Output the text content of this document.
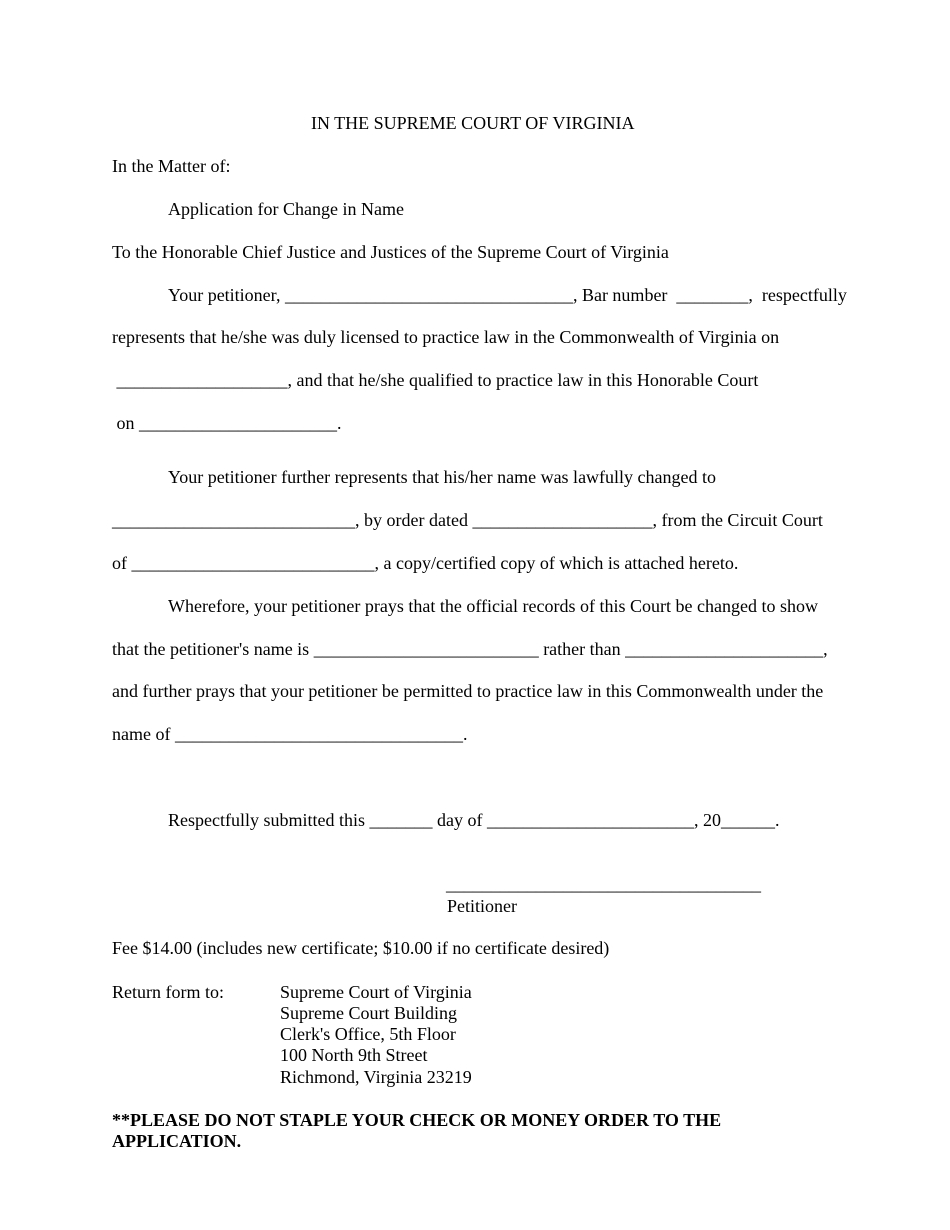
IN THE SUPREME COURT OF VIRGINIA
In the Matter of:
Application for Change in Name
To the Honorable Chief Justice and Justices of the Supreme Court of Virginia
Your petitioner, ________________________________, Bar number  ________,  respectfully
represents that he/she was duly licensed to practice law in the Commonwealth of Virginia on
___________________, and that he/she qualified to practice law in this Honorable Court
on ______________________.
Your petitioner further represents that his/her name was lawfully changed to
___________________________, by order dated ____________________, from the Circuit Court
of ___________________________, a copy/certified copy of which is attached hereto.
Wherefore, your petitioner prays that the official records of this Court be changed to show
that the petitioner's name is _________________________ rather than ______________________,
and further prays that your petitioner be permitted to practice law in this Commonwealth under the
name of ________________________________.
Respectfully submitted this _______ day of _______________________, 20______.
___________________________________
Petitioner
Fee $14.00 (includes new certificate; $10.00 if no certificate desired)
Return form to:	Supreme Court of Virginia
Supreme Court Building
Clerk's Office, 5th Floor
100 North 9th Street
Richmond, Virginia 23219
**PLEASE DO NOT STAPLE YOUR CHECK OR MONEY ORDER TO THE
APPLICATION.
